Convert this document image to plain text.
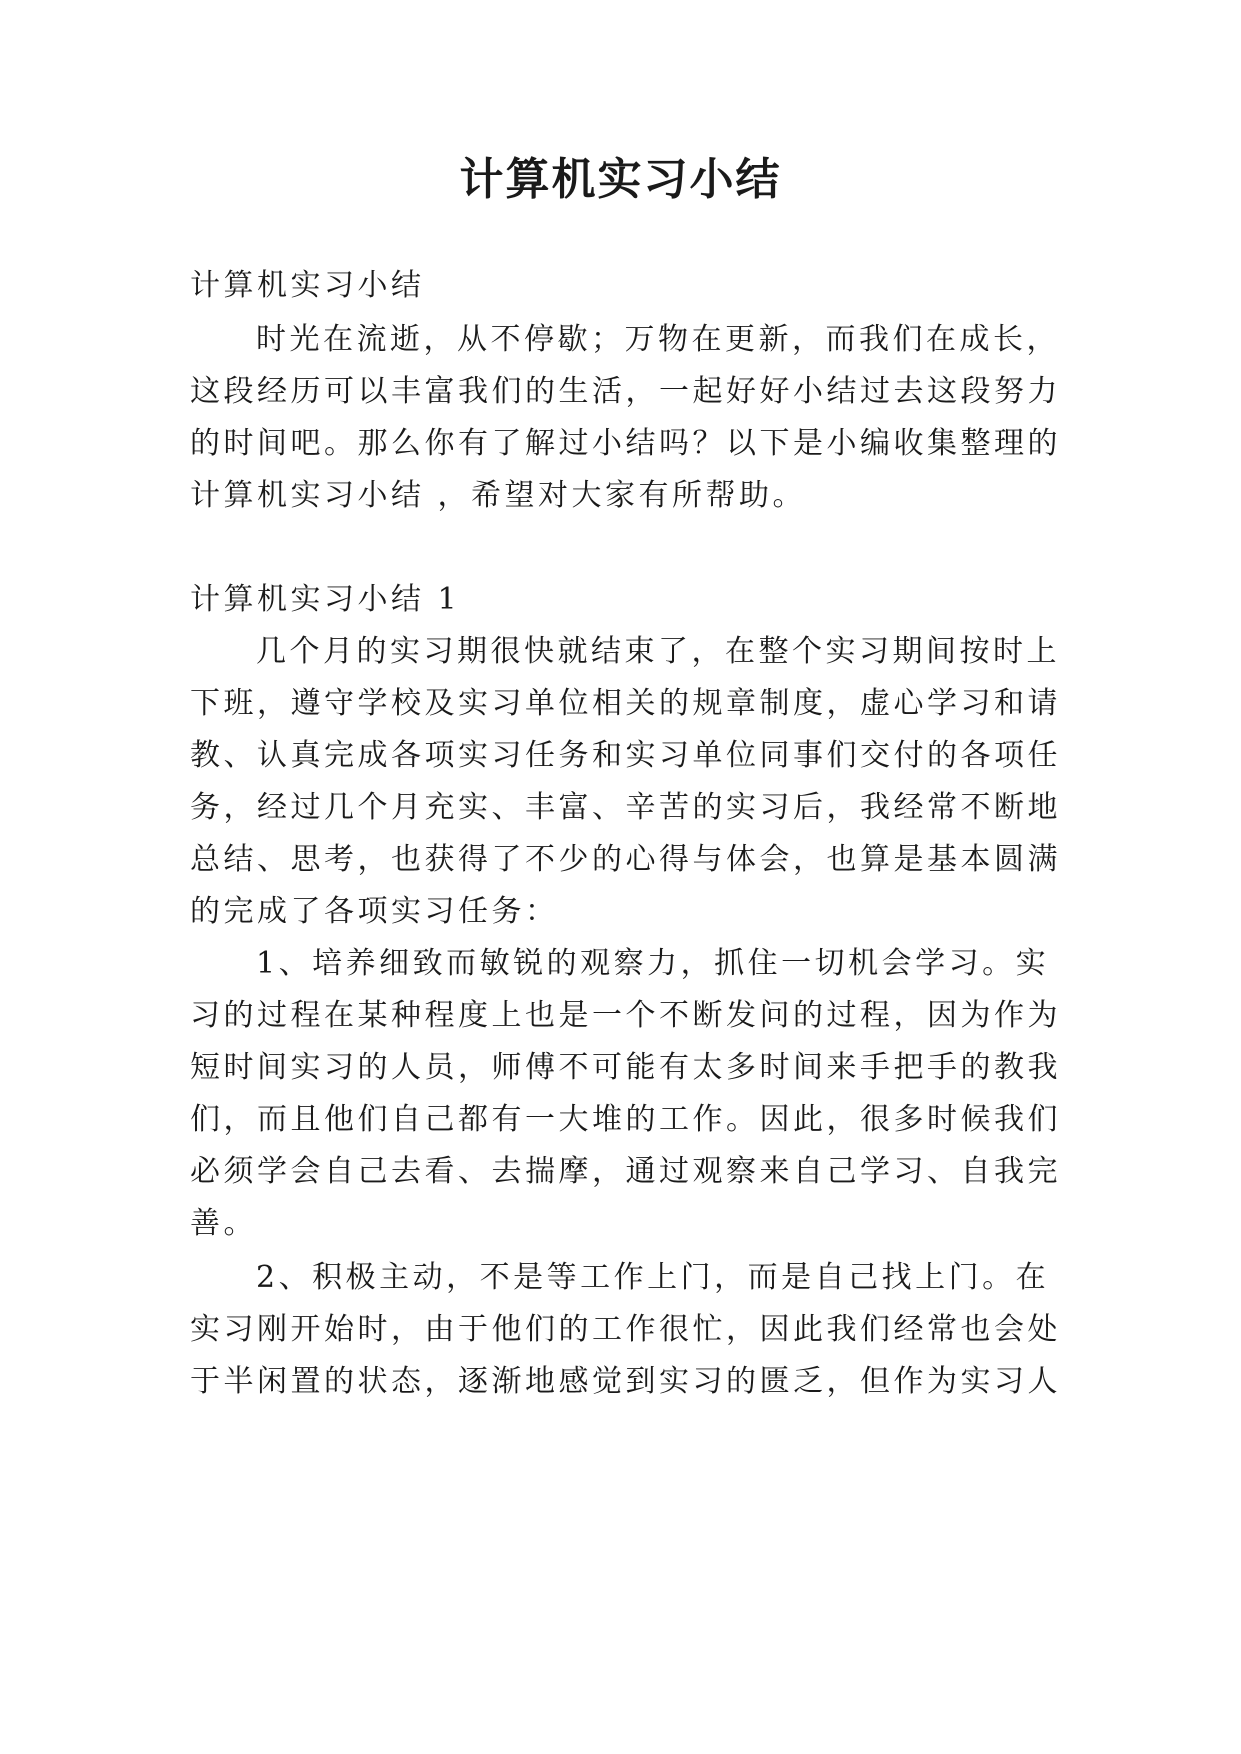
计算机实习小结

计算机实习小结

时光在流逝，从不停歇；万物在更新，而我们在成长，

这段经历可以丰富我们的生活，一起好好小结过去这段努力

的时间吧。那么你有了解过小结吗？以下是小编收集整理的

计算机实习小结 ，希望对大家有所帮助。

计算机实习小结 1

几个月的实习期很快就结束了，在整个实习期间按时上

下班，遵守学校及实习单位相关的规章制度，虚心学习和请

教、认真完成各项实习任务和实习单位同事们交付的各项任

务，经过几个月充实、丰富、辛苦的实习后，我经常不断地

总结、思考，也获得了不少的心得与体会，也算是基本圆满

的完成了各项实习任务：

1、培养细致而敏锐的观察力，抓住一切机会学习。实

习的过程在某种程度上也是一个不断发问的过程，因为作为

短时间实习的人员，师傅不可能有太多时间来手把手的教我

们，而且他们自己都有一大堆的工作。因此，很多时候我们

必须学会自己去看、去揣摩，通过观察来自己学习、自我完

善。

2、积极主动，不是等工作上门，而是自己找上门。在

实习刚开始时，由于他们的工作很忙，因此我们经常也会处

于半闲置的状态，逐渐地感觉到实习的匮乏，但作为实习人
